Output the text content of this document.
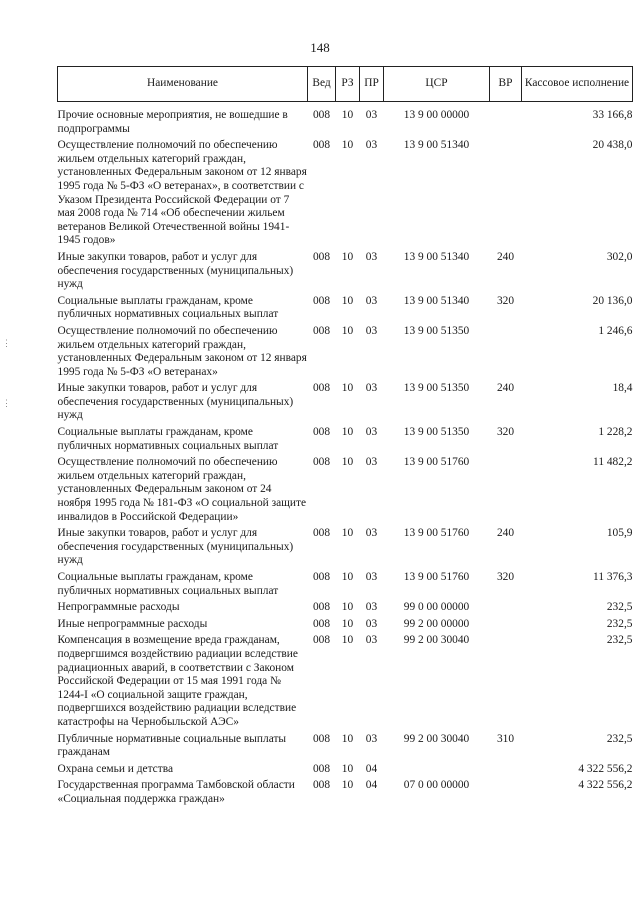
148
⋮
⋮
Наименование	Вед	РЗ	ПР	ЦСР	ВР	Кассовое исполнение
Прочие основные мероприятия, не вошедшие в подпрограммы	008	10	03	13 9 00 00000		33 166,8
Осуществление полномочий по обеспечению жильем отдельных категорий граждан, установленных Федеральным законом от 12 января 1995 года № 5-ФЗ «О ветеранах», в соответствии с Указом Президента Российской Федерации от 7 мая 2008 года № 714 «Об обеспечении жильем ветеранов Великой Отечественной войны 1941-1945 годов»	008	10	03	13 9 00 51340		20 438,0
Иные закупки товаров, работ и услуг для обеспечения государственных (муниципальных) нужд	008	10	03	13 9 00 51340	240	302,0
Социальные выплаты гражданам, кроме публичных нормативных социальных выплат	008	10	03	13 9 00 51340	320	20 136,0
Осуществление полномочий по обеспечению жильем отдельных категорий граждан, установленных Федеральным законом от 12 января 1995 года № 5-ФЗ «О ветеранах»	008	10	03	13 9 00 51350		1 246,6
Иные закупки товаров, работ и услуг для обеспечения государственных (муниципальных) нужд	008	10	03	13 9 00 51350	240	18,4
Социальные выплаты гражданам, кроме публичных нормативных социальных выплат	008	10	03	13 9 00 51350	320	1 228,2
Осуществление полномочий по обеспечению жильем отдельных категорий граждан, установленных Федеральным законом от 24 ноября 1995 года № 181-ФЗ «О социальной защите инвалидов в Российской Федерации»	008	10	03	13 9 00 51760		11 482,2
Иные закупки товаров, работ и услуг для обеспечения государственных (муниципальных) нужд	008	10	03	13 9 00 51760	240	105,9
Социальные выплаты гражданам, кроме публичных нормативных социальных выплат	008	10	03	13 9 00 51760	320	11 376,3
Непрограммные расходы	008	10	03	99 0 00 00000		232,5
Иные непрограммные расходы	008	10	03	99 2 00 00000		232,5
Компенсация в возмещение вреда гражданам, подвергшимся воздействию радиации вследствие радиационных аварий, в соответствии с Законом Российской Федерации от 15 мая 1991 года № 1244-I «О социальной защите граждан, подвергшихся воздействию радиации вследствие катастрофы на Чернобыльской АЭС»	008	10	03	99 2 00 30040		232,5
Публичные нормативные социальные выплаты гражданам	008	10	03	99 2 00 30040	310	232,5
Охрана семьи и детства	008	10	04			4 322 556,2
Государственная программа Тамбовской области «Социальная поддержка граждан»	008	10	04	07 0 00 00000		4 322 556,2
